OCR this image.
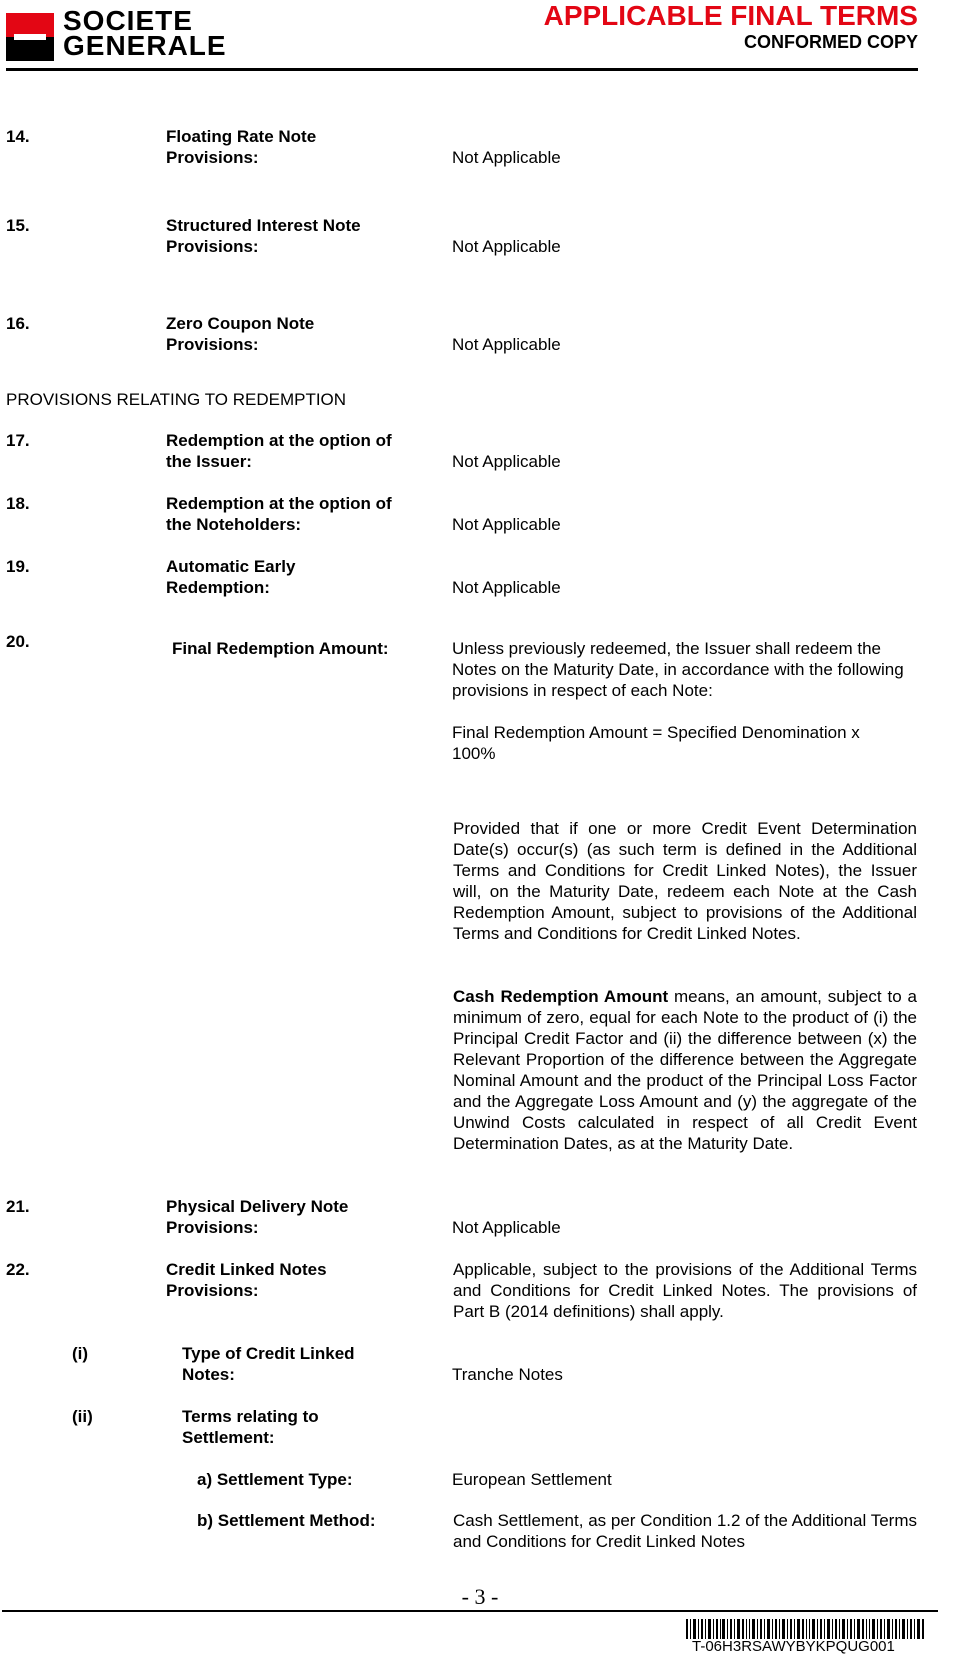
SOCIETE
GENERALE
APPLICABLE FINAL TERMS
CONFORMED COPY
14.	Floating Rate Note Provisions:	Not Applicable
15.	Structured Interest Note Provisions:	Not Applicable
16.	Zero Coupon Note Provisions:	Not Applicable
PROVISIONS RELATING TO REDEMPTION
17.	Redemption at the option of the Issuer:	Not Applicable
18.	Redemption at the option of the Noteholders:	Not Applicable
19.	Automatic Early Redemption:	Not Applicable
20.	Final Redemption Amount:	Unless previously redeemed, the Issuer shall redeem the Notes on the Maturity Date, in accordance with the following provisions in respect of each Note:
Final Redemption Amount = Specified Denomination x 100%
Provided that if one or more Credit Event Determination Date(s) occur(s) (as such term is defined in the Additional Terms and Conditions for Credit Linked Notes), the Issuer will, on the Maturity Date, redeem each Note at the Cash Redemption Amount, subject to provisions of the Additional Terms and Conditions for Credit Linked Notes.
Cash Redemption Amount means, an amount, subject to a minimum of zero, equal for each Note to the product of (i) the Principal Credit Factor and (ii) the difference between (x) the Relevant Proportion of the difference between the Aggregate Nominal Amount and the product of the Principal Loss Factor and the Aggregate Loss Amount and (y) the aggregate of the Unwind Costs calculated in respect of all Credit Event Determination Dates, as at the Maturity Date.
21.	Physical Delivery Note Provisions:	Not Applicable
22.	Credit Linked Notes Provisions:
Applicable, subject to the provisions of the Additional Terms and Conditions for Credit Linked Notes. The provisions of Part B (2014 definitions) shall apply.
(i)	Type of Credit Linked Notes:	Tranche Notes
(ii)	Terms relating to Settlement:
a) Settlement Type:	European Settlement
b) Settlement Method:	Cash Settlement, as per Condition 1.2 of the Additional Terms and Conditions for Credit Linked Notes
- 3 -
T-06H3RSAWYBYKPQUG001
